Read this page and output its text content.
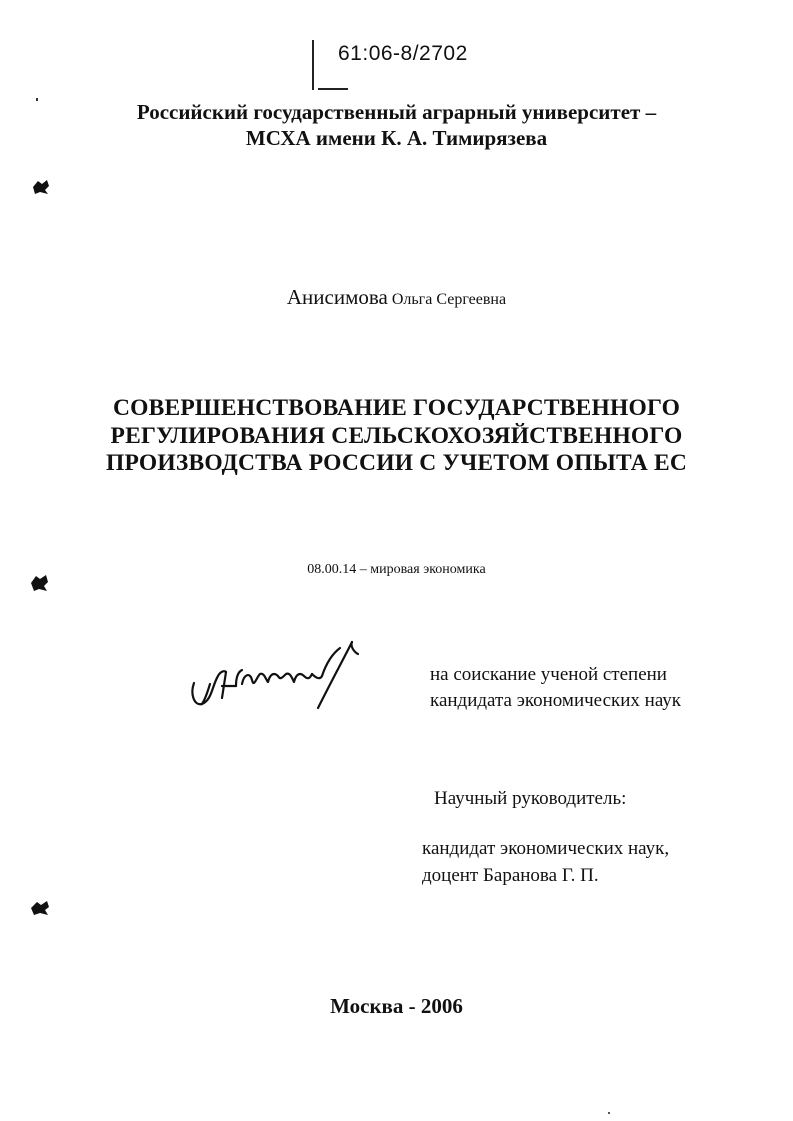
61:06-8/2702
Российский государственный аграрный университет –
МСХА имени К. А. Тимирязева
Анисимова Ольга Сергеевна
СОВЕРШЕНСТВОВАНИЕ ГОСУДАРСТВЕННОГО
РЕГУЛИРОВАНИЯ СЕЛЬСКОХОЗЯЙСТВЕННОГО
ПРОИЗВОДСТВА РОССИИ С УЧЕТОМ ОПЫТА ЕС
08.00.14 – мировая экономика
на соискание ученой степени
кандидата экономических наук
Научный руководитель:
кандидат экономических наук,
доцент Баранова Г. П.
Москва - 2006
